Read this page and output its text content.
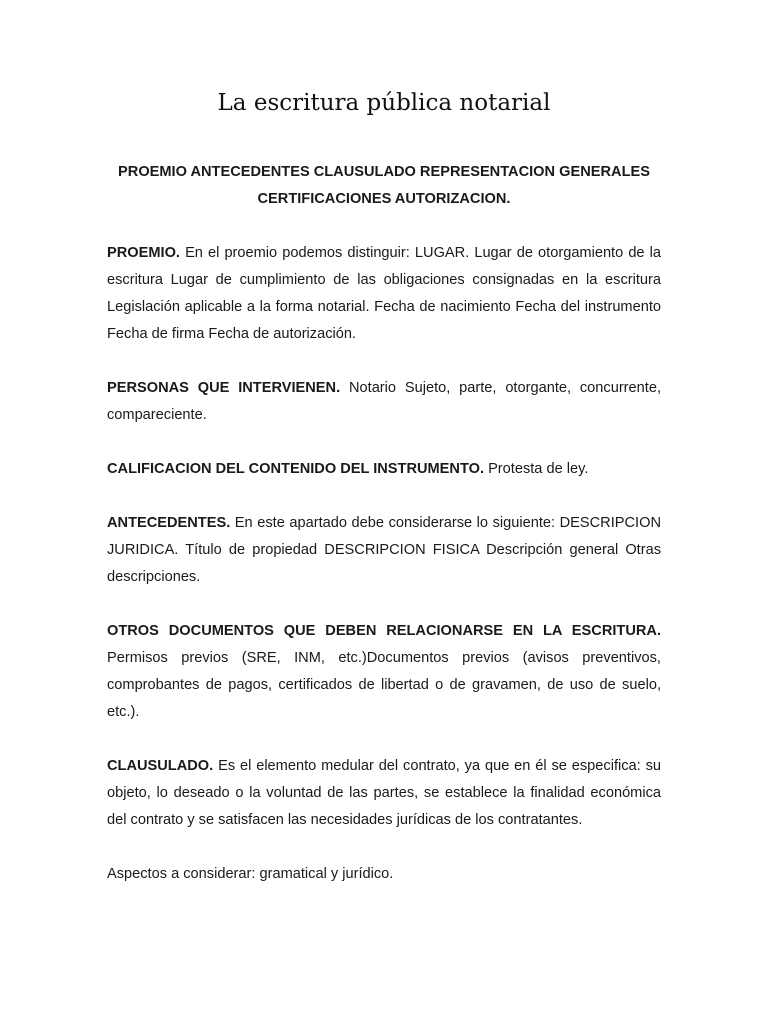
La escritura pública notarial

PROEMIO ANTECEDENTES CLAUSULADO REPRESENTACION GENERALES
CERTIFICACIONES AUTORIZACION.

PROEMIO. En el proemio podemos distinguir: LUGAR. Lugar de otorgamiento de la escritura Lugar de cumplimiento de las obligaciones consignadas en la escritura Legislación aplicable a la forma notarial. Fecha de nacimiento Fecha del instrumento Fecha de firma Fecha de autorización.

PERSONAS QUE INTERVIENEN. Notario Sujeto, parte, otorgante, concurrente, compareciente.

CALIFICACION DEL CONTENIDO DEL INSTRUMENTO. Protesta de ley.

ANTECEDENTES. En este apartado debe considerarse lo siguiente: DESCRIPCION JURIDICA. Título de propiedad DESCRIPCION FISICA Descripción general Otras descripciones.

OTROS DOCUMENTOS QUE DEBEN RELACIONARSE EN LA ESCRITURA. Permisos previos (SRE, INM, etc.)Documentos previos (avisos preventivos, comprobantes de pagos, certificados de libertad o de gravamen, de uso de suelo, etc.).

CLAUSULADO. Es el elemento medular del contrato, ya que en él se especifica: su objeto, lo deseado o la voluntad de las partes, se establece la finalidad económica del contrato y se satisfacen las necesidades jurídicas de los contratantes.

Aspectos a considerar: gramatical y jurídico.
